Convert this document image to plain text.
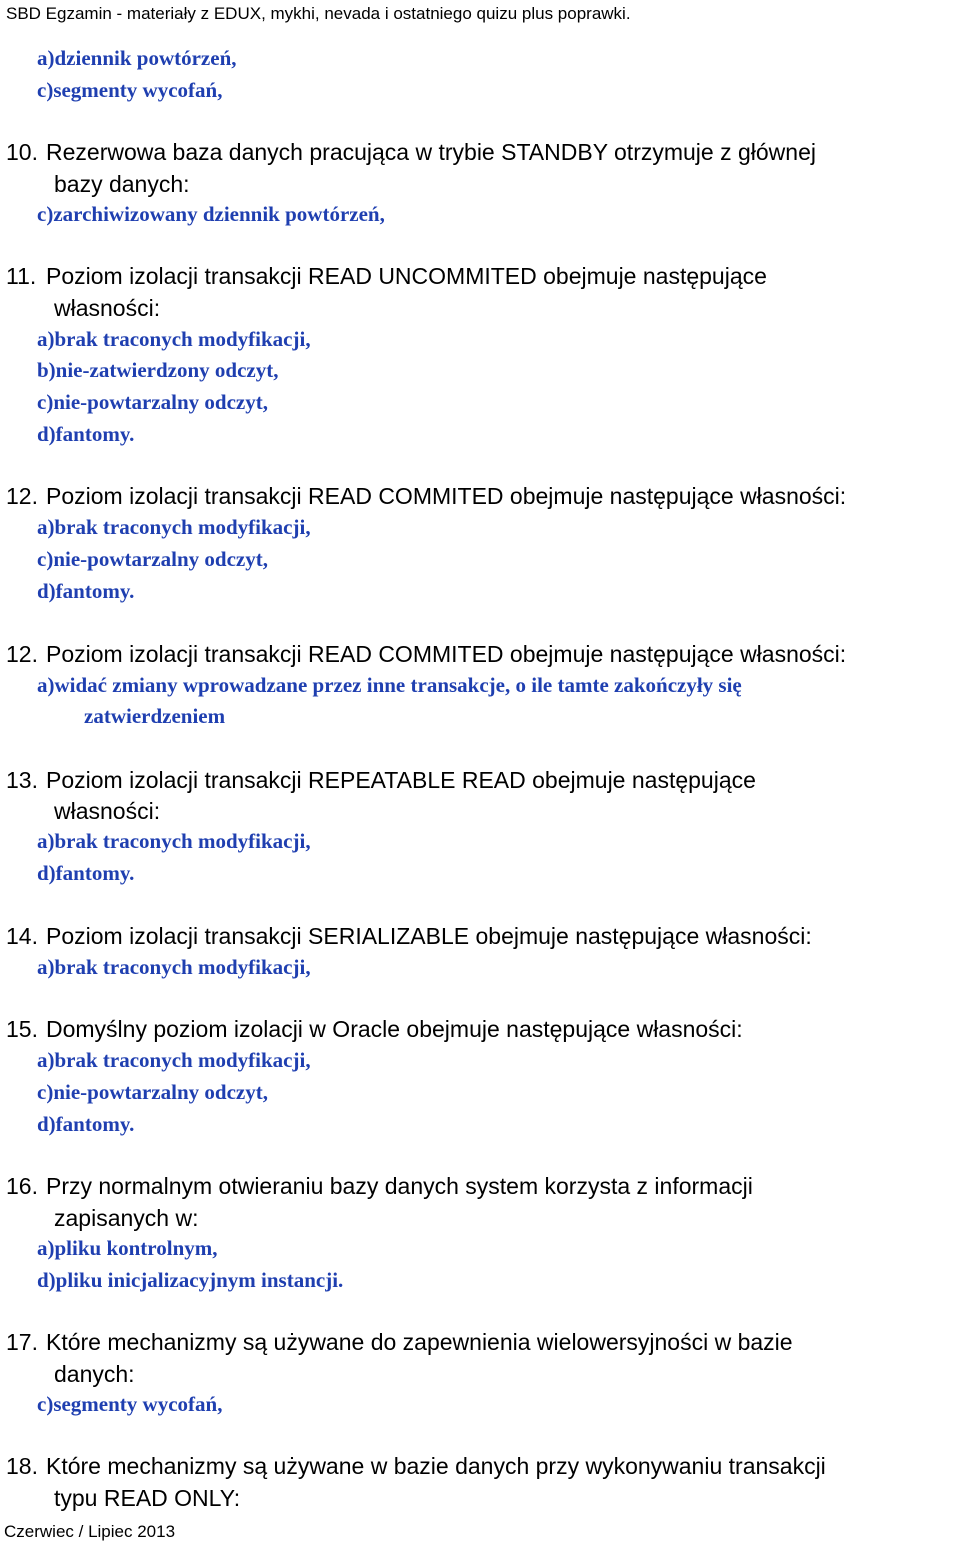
SBD Egzamin - materiały z EDUX, mykhi, nevada i ostatniego quizu plus poprawki.
a)dziennik powtórzeń,
c)segmenty wycofań,
10. Rezerwowa baza danych pracująca w trybie STANDBY otrzymuje z głównej
bazy danych:
c)zarchiwizowany dziennik powtórzeń,
11. Poziom izolacji transakcji READ UNCOMMITED obejmuje następujące
własności:
a)brak traconych modyfikacji,
b)nie-zatwierdzony odczyt,
c)nie-powtarzalny odczyt,
d)fantomy.
12. Poziom izolacji transakcji READ COMMITED obejmuje następujące własności:
a)brak traconych modyfikacji,
c)nie-powtarzalny odczyt,
d)fantomy.
12. Poziom izolacji transakcji READ COMMITED obejmuje następujące własności:
a)widać zmiany wprowadzane przez inne transakcje, o ile tamte zakończyły się
zatwierdzeniem
13. Poziom izolacji transakcji REPEATABLE READ obejmuje następujące
własności:
a)brak traconych modyfikacji,
d)fantomy.
14. Poziom izolacji transakcji SERIALIZABLE obejmuje następujące własności:
a)brak traconych modyfikacji,
15. Domyślny poziom izolacji w Oracle obejmuje następujące własności:
a)brak traconych modyfikacji,
c)nie-powtarzalny odczyt,
d)fantomy.
16. Przy normalnym otwieraniu bazy danych system korzysta z informacji
zapisanych w:
a)pliku kontrolnym,
d)pliku inicjalizacyjnym instancji.
17. Które mechanizmy są używane do zapewnienia wielowersyjności w bazie
danych:
c)segmenty wycofań,
18. Które mechanizmy są używane w bazie danych przy wykonywaniu transakcji
typu READ ONLY:
Czerwiec / Lipiec 2013
